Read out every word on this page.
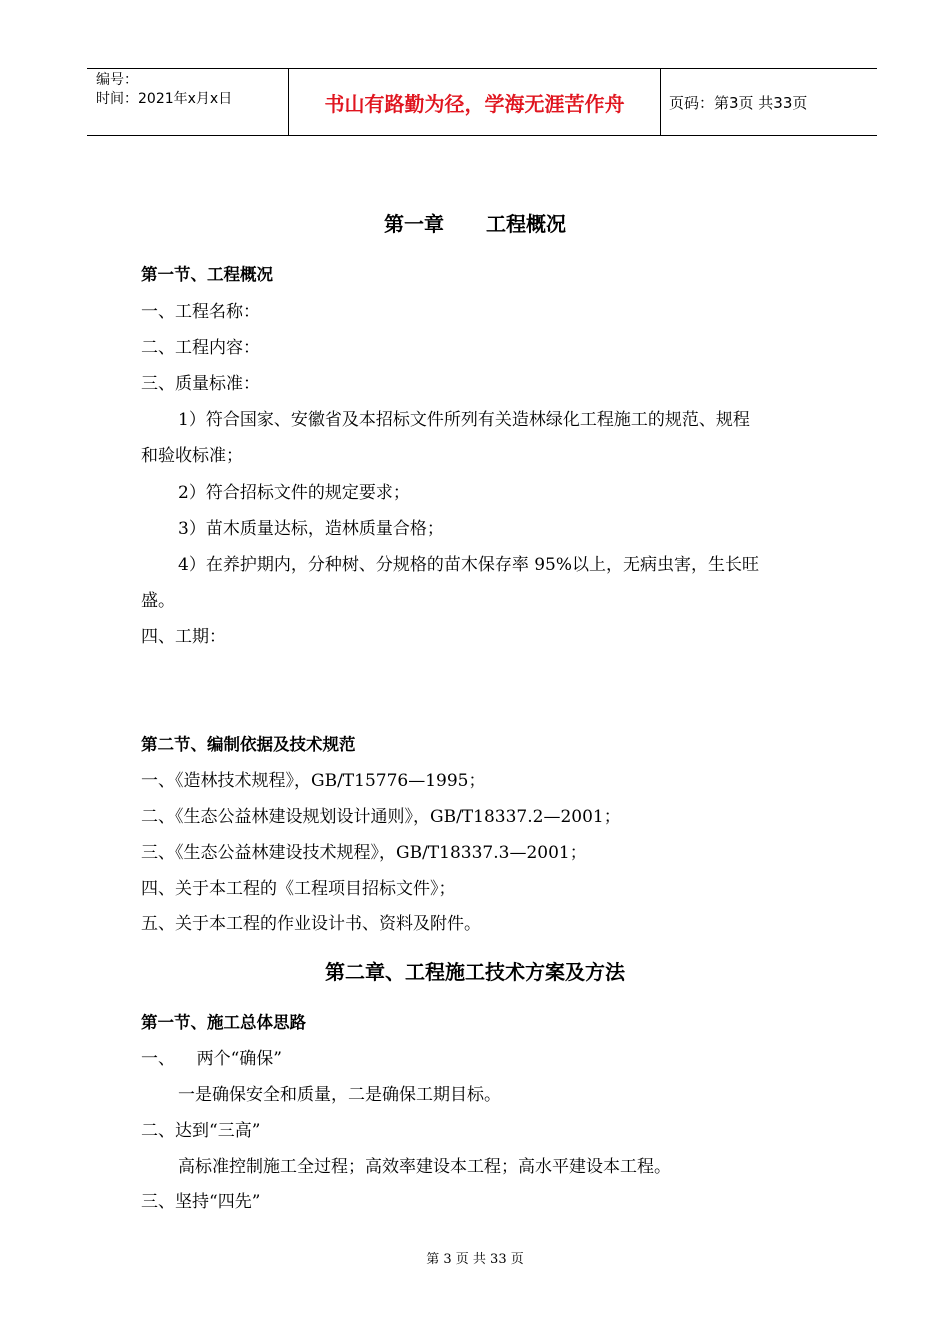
编号：
时间：2021年x月x日	书山有路勤为径，学海无涯苦作舟	页码：第3页 共33页
第一章 工程概况
第一节、工程概况
一、工程名称：
二、工程内容：
三、质量标准：
1）符合国家、安徽省及本招标文件所列有关造林绿化工程施工的规范、规程
和验收标准；
2）符合招标文件的规定要求；
3）苗木质量达标，造林质量合格；
4）在养护期内，分种树、分规格的苗木保存率 95%以上，无病虫害，生长旺
盛。
四、工期：
第二节、编制依据及技术规范
一、《造林技术规程》，GB/T15776—1995；
二、《生态公益林建设规划设计通则》，GB/T18337.2—2001；
三、《生态公益林建设技术规程》，GB/T18337.3—2001；
四、关于本工程的《工程项目招标文件》；
五、关于本工程的作业设计书、资料及附件。
第二章、工程施工技术方案及方法
第一节、施工总体思路
一、    两个“确保”
一是确保安全和质量，二是确保工期目标。
二、达到“三高”
高标准控制施工全过程；高效率建设本工程；高水平建设本工程。
三、坚持“四先”
第 3 页 共 33 页
